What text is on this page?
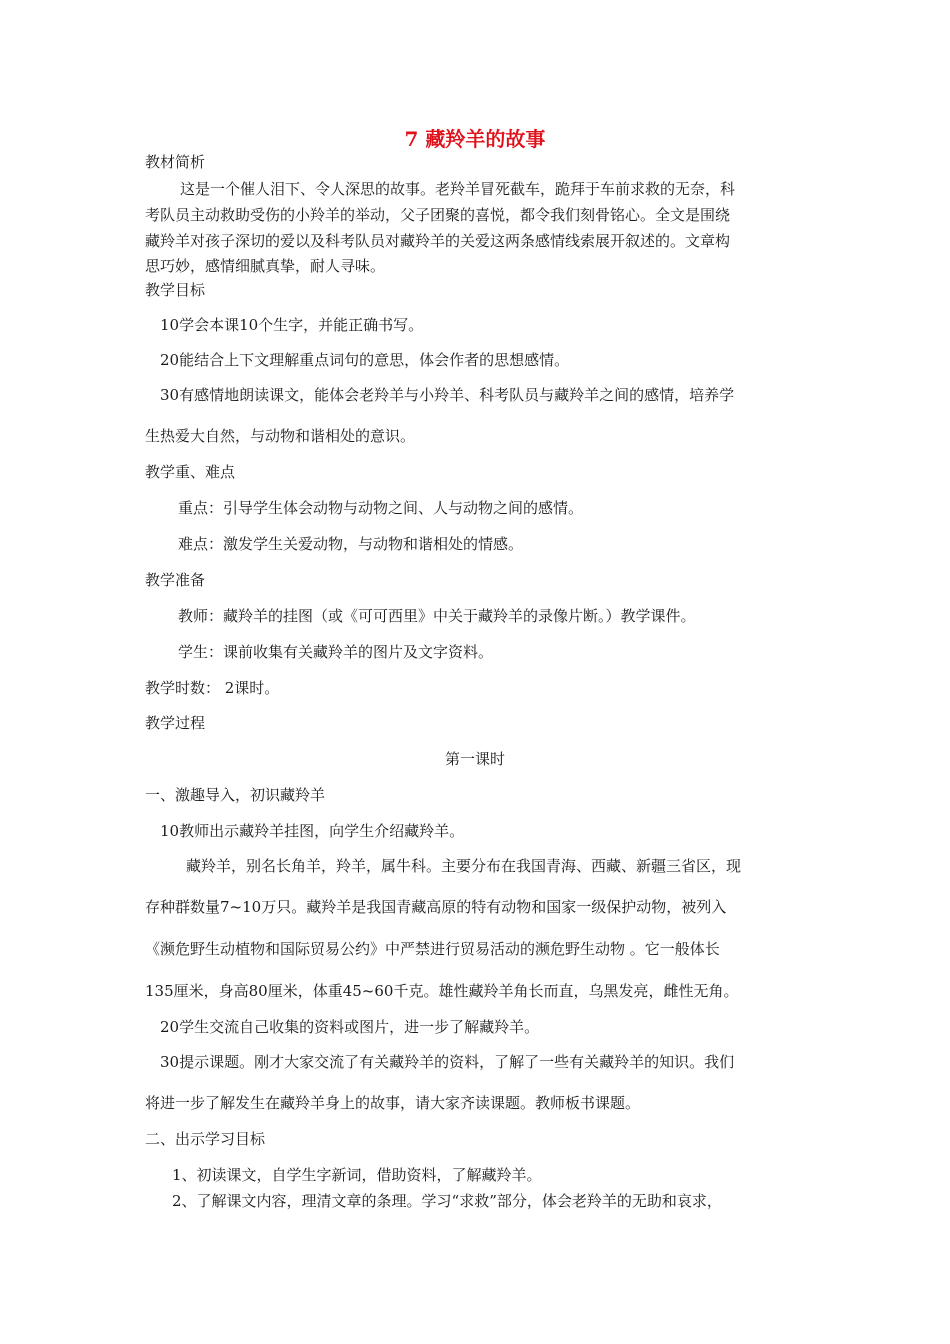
7 藏羚羊的故事
教材简析
这是一个催人泪下、令人深思的故事。老羚羊冒死截车，跪拜于车前求救的无奈，科
考队员主动救助受伤的小羚羊的举动，父子团聚的喜悦，都令我们刻骨铭心。全文是围绕
藏羚羊对孩子深切的爱以及科考队员对藏羚羊的关爱这两条感情线索展开叙述的。文章构
思巧妙，感情细腻真挚，耐人寻味。
教学目标
10学会本课10个生字，并能正确书写。
20能结合上下文理解重点词句的意思，体会作者的思想感情。
30有感情地朗读课文，能体会老羚羊与小羚羊、科考队员与藏羚羊之间的感情，培养学
生热爱大自然，与动物和谐相处的意识。
教学重、难点
重点：引导学生体会动物与动物之间、人与动物之间的感情。
难点：激发学生关爱动物，与动物和谐相处的情感。
教学准备
教师：藏羚羊的挂图（或《可可西里》中关于藏羚羊的录像片断。）教学课件。
学生：课前收集有关藏羚羊的图片及文字资料。
教学时数： 2课时。
教学过程
第一课时
一、激趣导入，初识藏羚羊
10教师出示藏羚羊挂图，向学生介绍藏羚羊。
藏羚羊，别名长角羊，羚羊，属牛科。主要分布在我国青海、西藏、新疆三省区，现
存种群数量7~10万只。藏羚羊是我国青藏高原的特有动物和国家一级保护动物，被列入
《濒危野生动植物和国际贸易公约》中严禁进行贸易活动的濒危野生动物 。它一般体长
135厘米，身高80厘米，体重45~60千克。雄性藏羚羊角长而直，乌黑发亮，雌性无角。
20学生交流自己收集的资料或图片，进一步了解藏羚羊。
30提示课题。刚才大家交流了有关藏羚羊的资料，了解了一些有关藏羚羊的知识。我们
将进一步了解发生在藏羚羊身上的故事，请大家齐读课题。教师板书课题。
二、出示学习目标
1、初读课文，自学生字新词，借助资料，了解藏羚羊。
2、了解课文内容，理清文章的条理。学习“求救”部分，体会老羚羊的无助和哀求，
